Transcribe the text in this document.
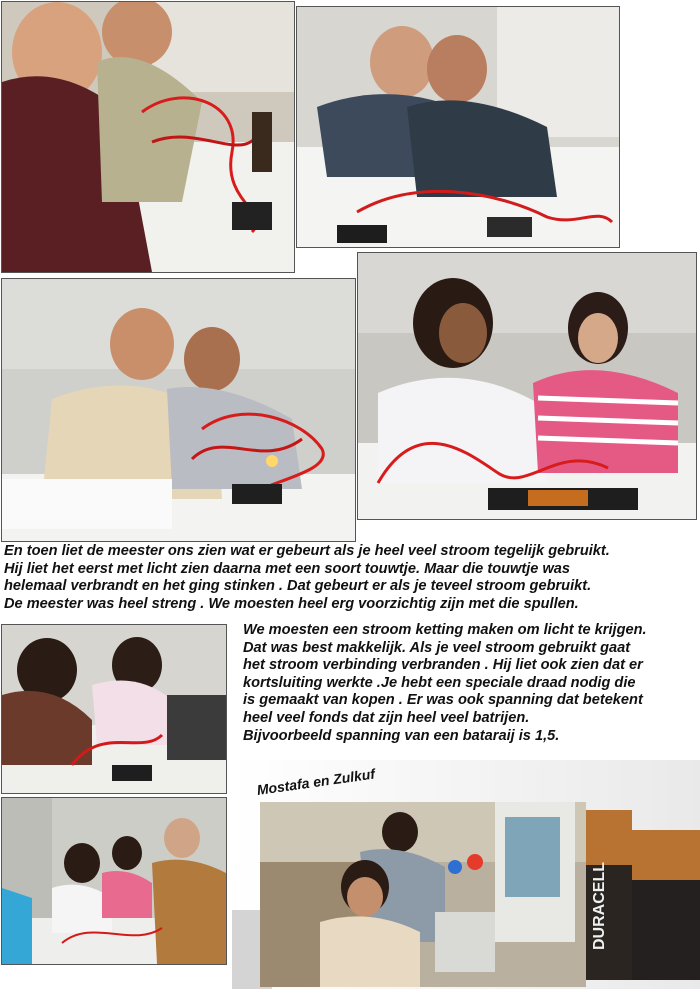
En toen liet de meester ons zien wat er gebeurt als je heel veel stroom tegelijk gebruikt.
Hij liet het eerst met licht zien daarna met een soort touwtje. Maar die touwtje was
helemaal verbrandt en het ging stinken . Dat gebeurt er als je teveel stroom gebruikt.
De meester was heel streng . We moesten heel erg voorzichtig zijn met die spullen.
We moesten een stroom ketting maken om licht te krijgen.
Dat was best makkelijk. Als je veel stroom gebruikt gaat
het stroom verbinding verbranden . Hij liet ook zien dat er
kortsluiting werkte .Je hebt een speciale draad nodig die
is gemaakt van kopen . Er was ook spanning dat betekent
heel veel fonds dat zijn heel veel batrijen.
Bijvoorbeeld spanning van een bataraij is 1,5.
DURACELL
Mostafa en Zulkuf
